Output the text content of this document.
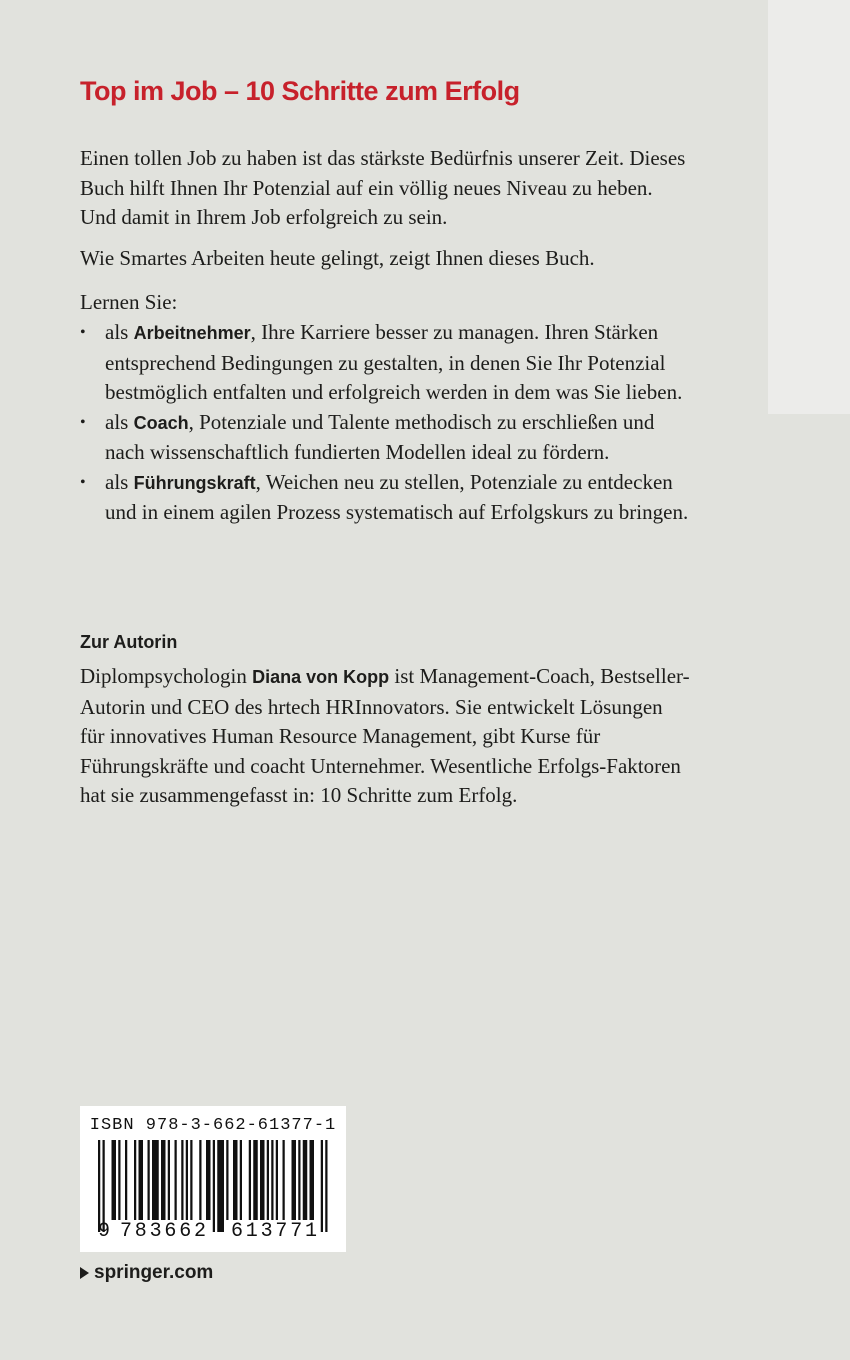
Top im Job – 10 Schritte zum Erfolg

Einen tollen Job zu haben ist das stärkste Bedürfnis unserer Zeit. Dieses Buch hilft Ihnen Ihr Potenzial auf ein völlig neues Niveau zu heben. Und damit in Ihrem Job erfolgreich zu sein.

Wie Smartes Arbeiten heute gelingt, zeigt Ihnen dieses Buch.

Lernen Sie:

• als Arbeitnehmer, Ihre Karriere besser zu managen. Ihren Stärken entsprechend Bedingungen zu gestalten, in denen Sie Ihr Potenzial bestmöglich entfalten und erfolgreich werden in dem was Sie lieben.
• als Coach, Potenziale und Talente methodisch zu erschließen und nach wissenschaftlich fundierten Modellen ideal zu fördern.
• als Führungskraft, Weichen neu zu stellen, Potenziale zu entdecken und in einem agilen Prozess systematisch auf Erfolgskurs zu bringen.
Zur Autorin

Diplompsychologin Diana von Kopp ist Management-Coach, Bestseller-Autorin und CEO des hrtech HRInnovators. Sie entwickelt Lösungen für innovatives Human Resource Management, gibt Kurse für Führungskräfte und coacht Unternehmer. Wesentliche Erfolgs-Faktoren hat sie zusammengefasst in: 10 Schritte zum Erfolg.

ISBN 978-3-662-61377-1
9 783662 613771
springer.com
